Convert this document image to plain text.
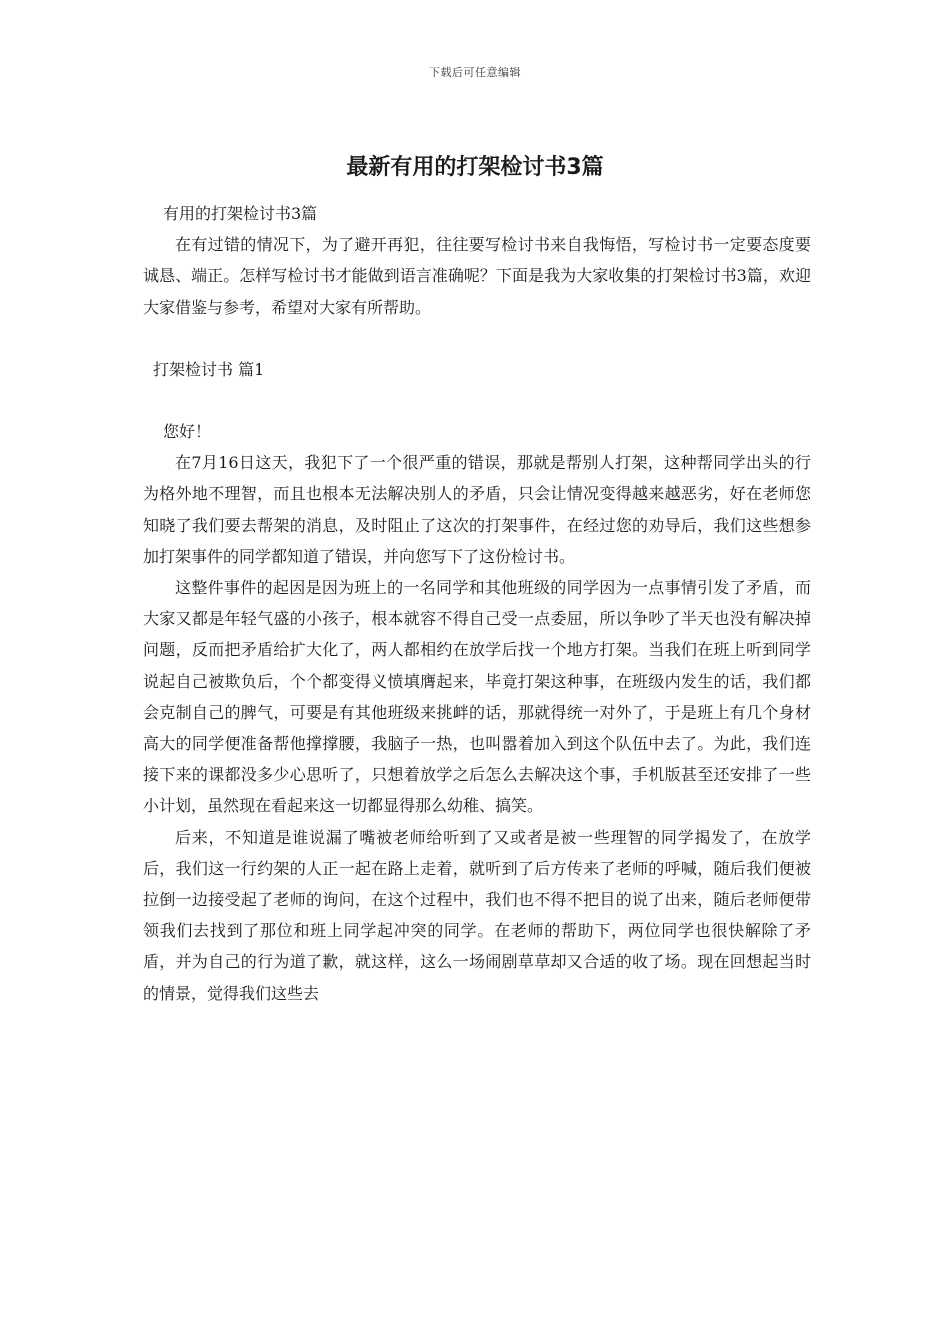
下载后可任意编辑
最新有用的打架检讨书3篇

有用的打架检讨书3篇

在有过错的情况下，为了避开再犯，往往要写检讨书来自我悔悟，写检讨书一定要态度要诚恳、端正。怎样写检讨书才能做到语言准确呢？下面是我为大家收集的打架检讨书3篇，欢迎大家借鉴与参考，希望对大家有所帮助。

打架检讨书 篇1

您好！

在7月16日这天，我犯下了一个很严重的错误，那就是帮别人打架，这种帮同学出头的行为格外地不理智，而且也根本无法解决别人的矛盾，只会让情况变得越来越恶劣，好在老师您知晓了我们要去帮架的消息，及时阻止了这次的打架事件，在经过您的劝导后，我们这些想参加打架事件的同学都知道了错误，并向您写下了这份检讨书。

这整件事件的起因是因为班上的一名同学和其他班级的同学因为一点事情引发了矛盾，而大家又都是年轻气盛的小孩子，根本就容不得自己受一点委屈，所以争吵了半天也没有解决掉问题，反而把矛盾给扩大化了，两人都相约在放学后找一个地方打架。当我们在班上听到同学说起自己被欺负后，个个都变得义愤填膺起来，毕竟打架这种事，在班级内发生的话，我们都会克制自己的脾气，可要是有其他班级来挑衅的话，那就得统一对外了，于是班上有几个身材高大的同学便准备帮他撑撑腰，我脑子一热，也叫嚣着加入到这个队伍中去了。为此，我们连接下来的课都没多少心思听了，只想着放学之后怎么去解决这个事，手机版甚至还安排了一些小计划，虽然现在看起来这一切都显得那么幼稚、搞笑。

后来，不知道是谁说漏了嘴被老师给听到了又或者是被一些理智的同学揭发了，在放学后，我们这一行约架的人正一起在路上走着，就听到了后方传来了老师的呼喊，随后我们便被拉倒一边接受起了老师的询问，在这个过程中，我们也不得不把目的说了出来，随后老师便带领我们去找到了那位和班上同学起冲突的同学。在老师的帮助下，两位同学也很快解除了矛盾，并为自己的行为道了歉，就这样，这么一场闹剧草草却又合适的收了场。现在回想起当时的情景，觉得我们这些去
